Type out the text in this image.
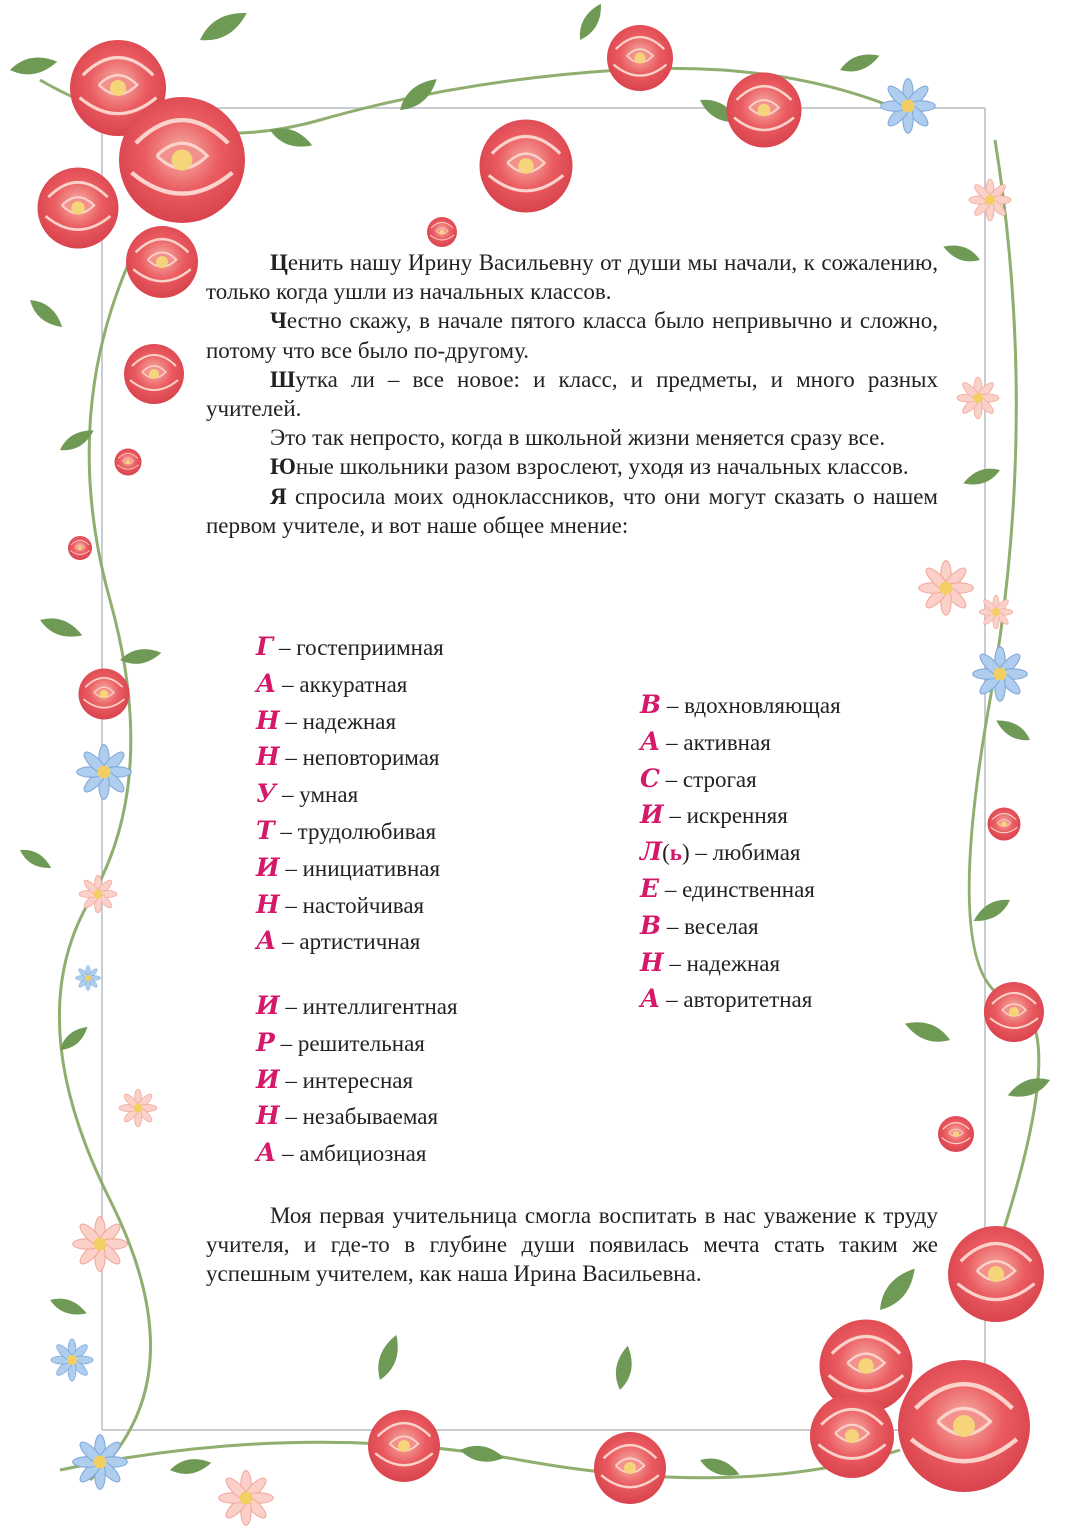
Ценить нашу Ирину Васильевну от души мы начали, к сожалению, только когда ушли из начальных классов.

Честно скажу, в начале пятого класса было непривычно и сложно, потому что все было по-другому.

Шутка ли – все новое: и класс, и предметы, и много разных учителей.

Это так непросто, когда в школьной жизни меняется сразу все.

Юные школьники разом взрослеют, уходя из начальных классов.

Я спросила моих одноклассников, что они могут сказать о нашем первом учителе, и вот наше общее мнение:

Г – гостеприимная
А – аккуратная
Н – надежная
Н – неповторимая
У – умная
Т – трудолюбивая
И – инициативная
Н – настойчивая
А – артистичная
И – интеллигентная
Р – решительная
И – интересная
Н – незабываемая
А – амбициозная
В – вдохновляющая
А – активная
С – строгая
И – искренняя
Л(ь) – любимая
Е – единственная
В – веселая
Н – надежная
А – авторитетная

Моя первая учительница смогла воспитать в нас уважение к труду учителя, и где-то в глубине души появилась мечта стать таким же успешным учителем, как наша Ирина Васильевна.
